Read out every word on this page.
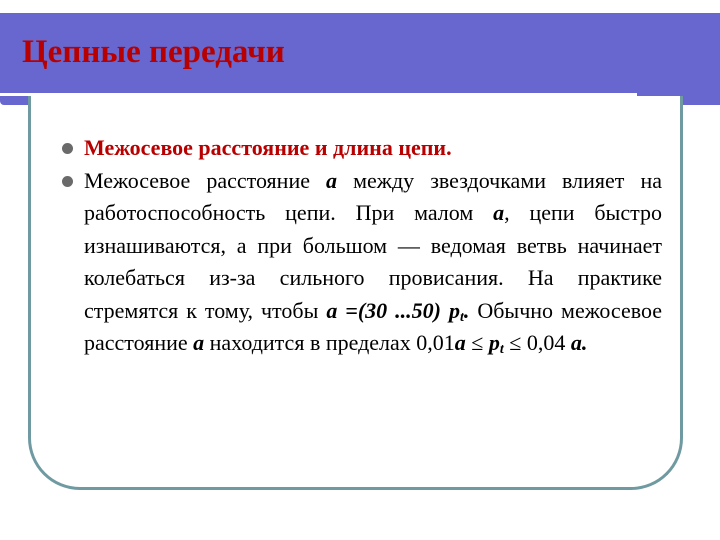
Цепные передачи
Межосевое расстояние и длина цепи.
Межосевое расстояние а между звездочками влияет на работоспособность цепи. При малом а, цепи быстро изнашиваются, а при большом — ведомая ветвь начинает колебаться из-за сильного провисания. На практике стремятся к тому, чтобы а =(30 ...50) $р_t$. Обычно межосевое расстояние а находится в пределах $0,01а \le р_t \le 0,04$ а.
